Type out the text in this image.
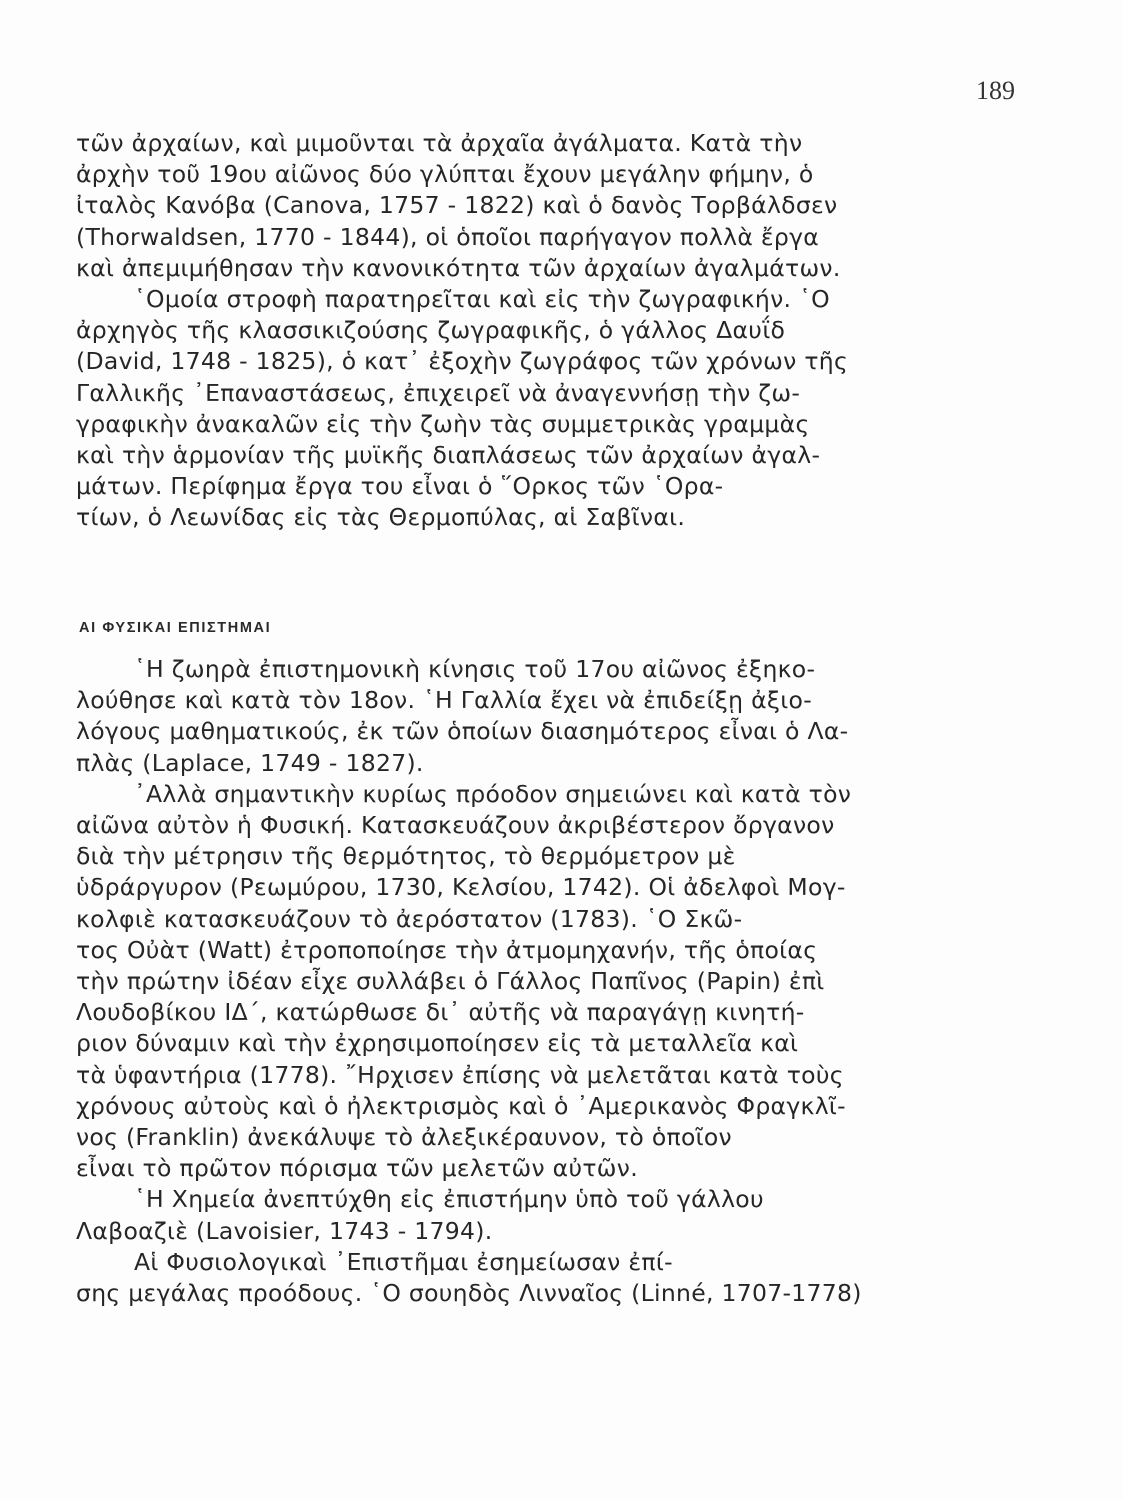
189
τῶν ἀρχαίων, καὶ μιμοῦνται τὰ ἀρχαῖα ἀγάλματα. Κατὰ τὴν
ἀρχὴν τοῦ 19ου αἰῶνος δύο γλύπται ἔχουν μεγάλην φήμην, ὁ
ἰταλὸς Κανόβα (Canova, 1757 - 1822) καὶ ὁ δανὸς Τορβάλδσεν
(Thorwaldsen, 1770 - 1844), οἱ ὁποῖοι παρήγαγον πολλὰ ἔργα
καὶ ἀπεμιμήθησαν τὴν κανονικότητα τῶν ἀρχαίων ἀγαλμάτων.
῾Ομοία στροφὴ παρατηρεῖται καὶ εἰς τὴν ζωγραφικήν. ῾Ο
ἀρχηγὸς τῆς κλασσικιζούσης ζωγραφικῆς, ὁ γάλλος Δαυΐδ
(David, 1748 - 1825), ὁ κατ᾽ ἐξοχὴν ζωγράφος τῶν χρόνων τῆς
Γαλλικῆς ᾽Επαναστάσεως, ἐπιχειρεῖ νὰ ἀναγεννήσῃ τὴν ζω-
γραφικὴν ἀνακαλῶν εἰς τὴν ζωὴν τὰς συμμετρικὰς γραμμὰς
καὶ τὴν ἁρμονίαν τῆς μυϊκῆς διαπλάσεως τῶν ἀρχαίων ἀγαλ-
μάτων. Περίφημα ἔργα του εἶναι ὁ ῞Ορκος τῶν ῾Ορα-
τίων, ὁ Λεωνίδας εἰς τὰς Θερμοπύλας, αἱ Σαβῖναι.
ΑΙ ΦΥΣΙΚΑΙ ΕΠΙΣΤΗΜΑΙ
῾Η ζωηρὰ ἐπιστημονικὴ κίνησις τοῦ 17ου αἰῶνος ἐξηκο-
λούθησε καὶ κατὰ τὸν 18ον. ῾Η Γαλλία ἔχει νὰ ἐπιδείξῃ ἀξιο-
λόγους μαθηματικούς, ἐκ τῶν ὁποίων διασημότερος εἶναι ὁ Λα-
πλὰς (Laplace, 1749 - 1827).
᾽Αλλὰ σημαντικὴν κυρίως πρόοδον σημειώνει καὶ κατὰ τὸν
αἰῶνα αὐτὸν ἡ Φυσική. Κατασκευάζουν ἀκριβέστερον ὄργανον
διὰ τὴν μέτρησιν τῆς θερμότητος, τὸ θερμόμετρον μὲ
ὑδράργυρον (Ρεωμύρου, 1730, Κελσίου, 1742). Οἱ ἀδελφοὶ Μογ-
κολφιὲ κατασκευάζουν τὸ ἀερόστατον (1783). ῾Ο Σκῶ-
τος Οὐὰτ (Watt) ἐτροποποίησε τὴν ἀτμομηχανήν, τῆς ὁποίας
τὴν πρώτην ἰδέαν εἶχε συλλάβει ὁ Γάλλος Παπῖνος (Papin) ἐπὶ
Λουδοβίκου ΙΔ΄, κατώρθωσε δι᾽ αὐτῆς νὰ παραγάγῃ κινητή-
ριον δύναμιν καὶ τὴν ἐχρησιμοποίησεν εἰς τὰ μεταλλεῖα καὶ
τὰ ὑφαντήρια (1778). ῎Ηρχισεν ἐπίσης νὰ μελετᾶται κατὰ τοὺς
χρόνους αὐτοὺς καὶ ὁ ἠλεκτρισμὸς καὶ ὁ ᾽Αμερικανὸς Φραγκλῖ-
νος (Franklin) ἀνεκάλυψε τὸ ἀλεξικέραυνον, τὸ ὁποῖον
εἶναι τὸ πρῶτον πόρισμα τῶν μελετῶν αὐτῶν.
῾Η Χημεία ἀνεπτύχθη εἰς ἐπιστήμην ὑπὸ τοῦ γάλλου
Λαβοαζιὲ (Lavoisier, 1743 - 1794).
Αἱ Φυσιολογικαὶ ᾽Επιστῆμαι ἐσημείωσαν ἐπί-
σης μεγάλας προόδους. ῾Ο σουηδὸς Λινναῖος (Linné, 1707-1778)
